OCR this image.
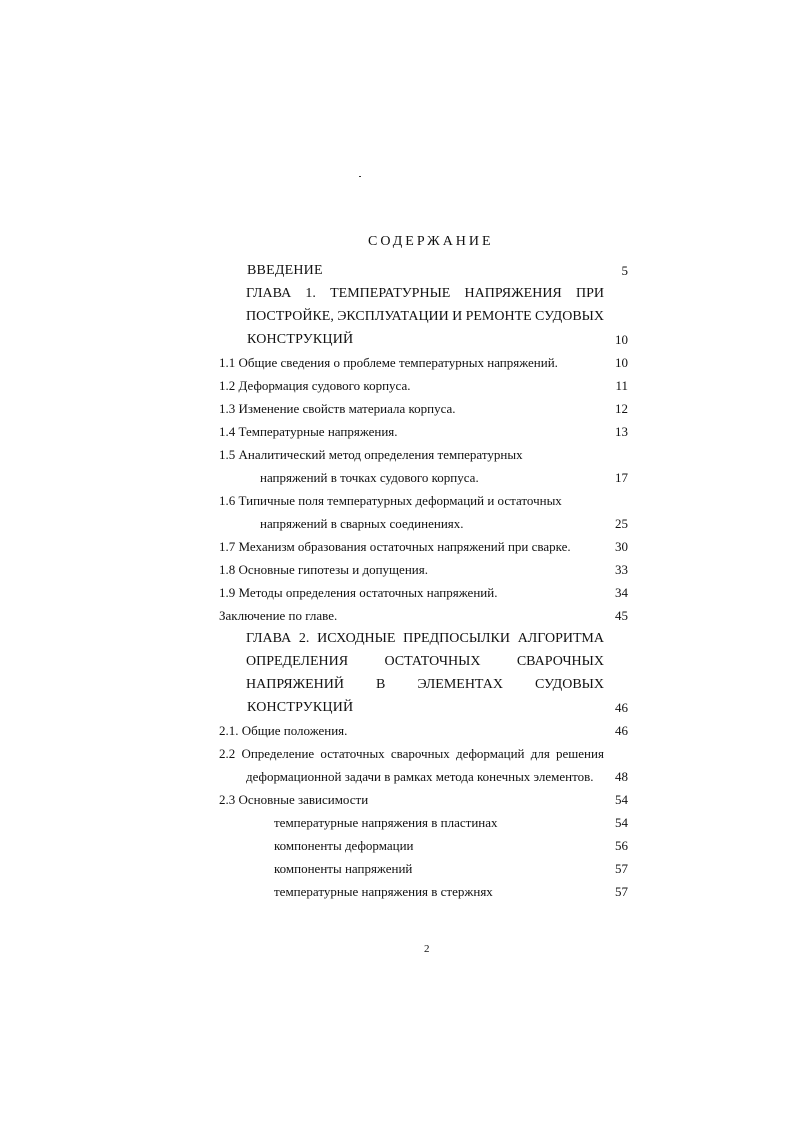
СОДЕРЖАНИЕ
ВВЕДЕНИЕ	5
ГЛАВА 1. ТЕМПЕРАТУРНЫЕ НАПРЯЖЕНИЯ ПРИ
ПОСТРОЙКЕ, ЭКСПЛУАТАЦИИ И РЕМОНТЕ СУДОВЫХ
КОНСТРУКЦИЙ	10
1.1 Общие сведения о проблеме температурных напряжений.	10
1.2 Деформация судового корпуса.	11
1.3 Изменение свойств материала корпуса.	12
1.4 Температурные напряжения.	13
1.5 Аналитический метод определения температурных
напряжений в точках судового корпуса.	17
1.6 Типичные поля температурных деформаций и остаточных
напряжений в сварных соединениях.	25
1.7 Механизм образования остаточных напряжений при сварке.	30
1.8 Основные гипотезы и допущения.	33
1.9 Методы определения остаточных напряжений.	34
Заключение по главе.	45
ГЛАВА 2. ИСХОДНЫЕ ПРЕДПОСЫЛКИ АЛГОРИТМА
ОПРЕДЕЛЕНИЯ	ОСТАТОЧНЫХ	СВАРОЧНЫХ
НАПРЯЖЕНИЙ В ЭЛЕМЕНТАХ СУДОВЫХ
КОНСТРУКЦИЙ	46
2.1. Общие положения.	46
2.2 Определение остаточных сварочных деформаций для решения
деформационной задачи в рамках метода конечных элементов.	48
2.3 Основные зависимости	54
температурные напряжения в пластинах	54
компоненты деформации	56
компоненты напряжений	57
температурные напряжения в стержнях	57
2
